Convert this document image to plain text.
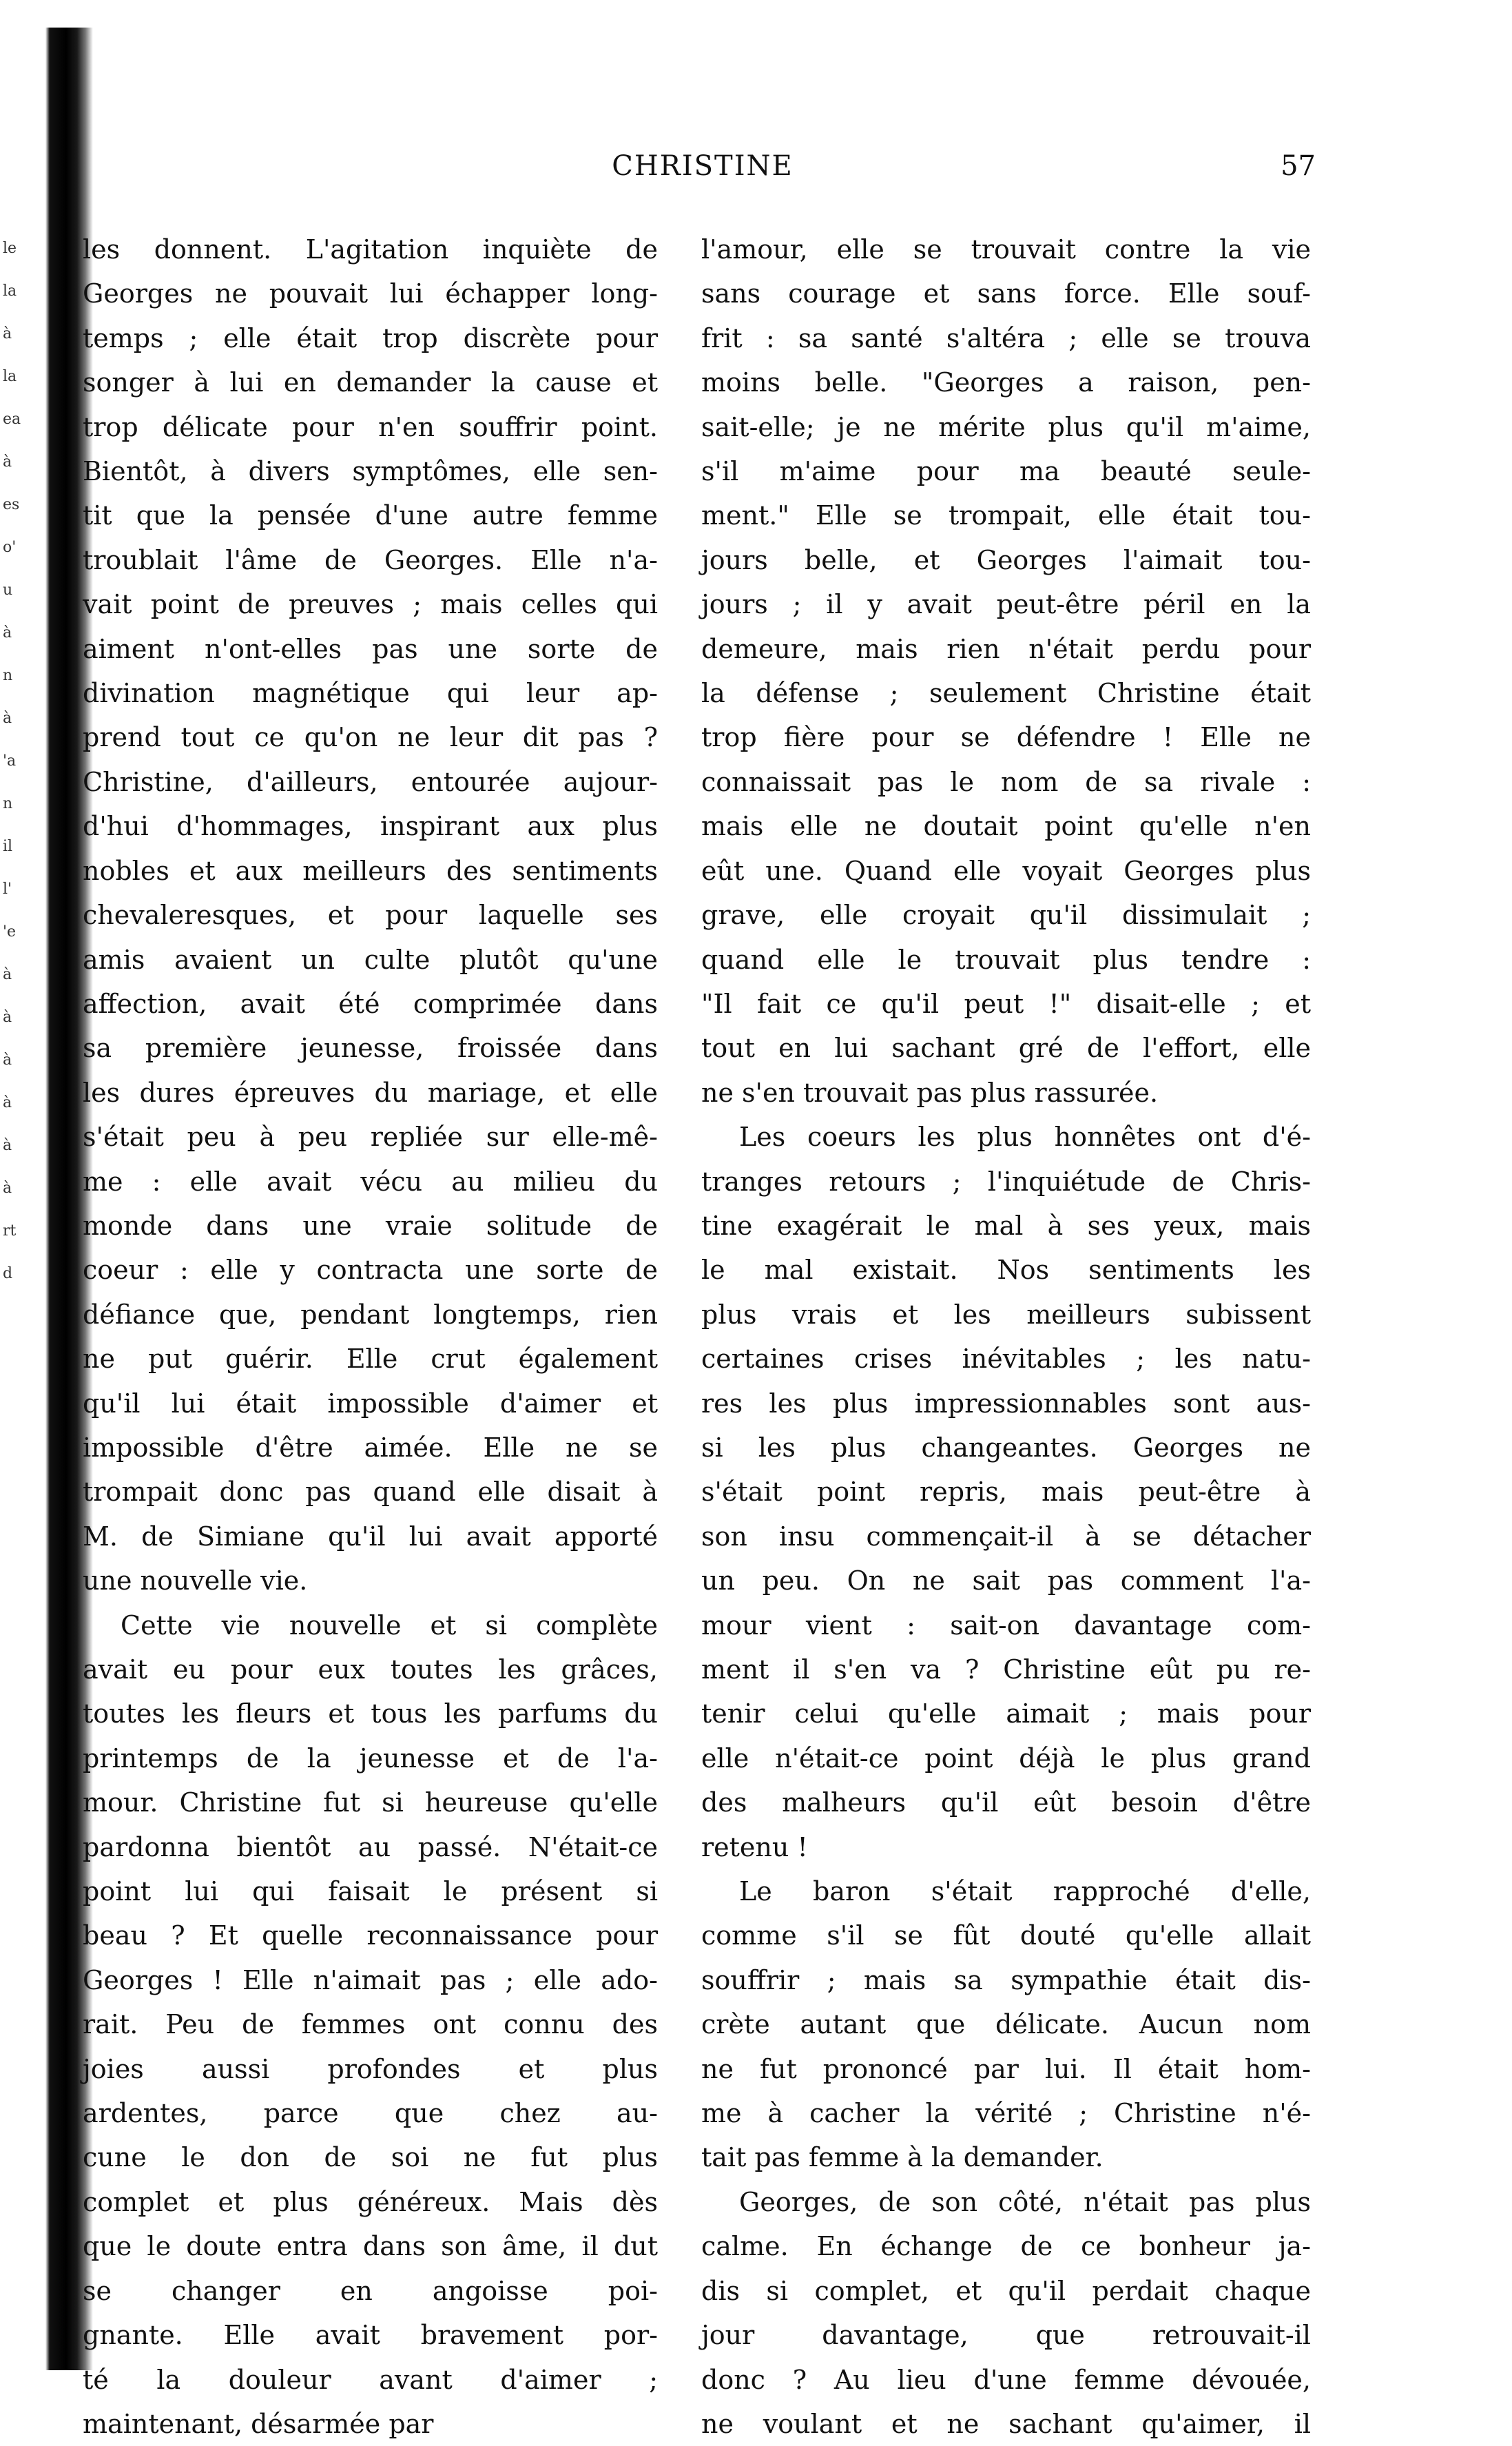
le
la
à
la
ea
à
es
o'
u
à
n
à
'a
n
il
l'
'e
à
à
à
à
à
à
rt
d
CHRISTINE	57
les donnent. L'agitation inquiète de
Georges ne pouvait lui échapper long-
temps ; elle était trop discrète pour
songer à lui en demander la cause et
trop délicate pour n'en souffrir point.
Bientôt, à divers symptômes, elle sen-
tit que la pensée d'une autre femme
troublait l'âme de Georges. Elle n'a-
vait point de preuves ; mais celles qui
aiment n'ont-elles pas une sorte de
divination magnétique qui leur ap-
prend tout ce qu'on ne leur dit pas ?
Christine, d'ailleurs, entourée aujour-
d'hui d'hommages, inspirant aux plus
nobles et aux meilleurs des sentiments
chevaleresques, et pour laquelle ses
amis avaient un culte plutôt qu'une
affection, avait été comprimée dans
sa première jeunesse, froissée dans
les dures épreuves du mariage, et elle
s'était peu à peu repliée sur elle-mê-
me : elle avait vécu au milieu du
monde dans une vraie solitude de
coeur : elle y contracta une sorte de
défiance que, pendant longtemps, rien
ne put guérir. Elle crut également
qu'il lui était impossible d'aimer et
impossible d'être aimée. Elle ne se
trompait donc pas quand elle disait à
M. de Simiane qu'il lui avait apporté
une nouvelle vie.
Cette vie nouvelle et si complète
avait eu pour eux toutes les grâces,
toutes les fleurs et tous les parfums du
printemps de la jeunesse et de l'a-
mour. Christine fut si heureuse qu'elle
pardonna bientôt au passé. N'était-ce
point lui qui faisait le présent si
beau ? Et quelle reconnaissance pour
Georges ! Elle n'aimait pas ; elle ado-
rait. Peu de femmes ont connu des
joies aussi profondes et plus
ardentes, parce que chez au-
cune le don de soi ne fut plus
complet et plus généreux. Mais dès
que le doute entra dans son âme, il dut
se changer en angoisse poi-
gnante. Elle avait bravement por-
té la douleur avant d'aimer ;
maintenant, désarmée par
l'amour, elle se trouvait contre la vie
sans courage et sans force. Elle souf-
frit : sa santé s'altéra ; elle se trouva
moins belle. "Georges a raison, pen-
sait-elle; je ne mérite plus qu'il m'aime,
s'il m'aime pour ma beauté seule-
ment." Elle se trompait, elle était tou-
jours belle, et Georges l'aimait tou-
jours ; il y avait peut-être péril en la
demeure, mais rien n'était perdu pour
la défense ; seulement Christine était
trop fière pour se défendre ! Elle ne
connaissait pas le nom de sa rivale :
mais elle ne doutait point qu'elle n'en
eût une. Quand elle voyait Georges plus
grave, elle croyait qu'il dissimulait ;
quand elle le trouvait plus tendre :
"Il fait ce qu'il peut !" disait-elle ; et
tout en lui sachant gré de l'effort, elle
ne s'en trouvait pas plus rassurée.
Les coeurs les plus honnêtes ont d'é-
tranges retours ; l'inquiétude de Chris-
tine exagérait le mal à ses yeux, mais
le mal existait. Nos sentiments les
plus vrais et les meilleurs subissent
certaines crises inévitables ; les natu-
res les plus impressionnables sont aus-
si les plus changeantes. Georges ne
s'était point repris, mais peut-être à
son insu commençait-il à se détacher
un peu. On ne sait pas comment l'a-
mour vient : sait-on davantage com-
ment il s'en va ? Christine eût pu re-
tenir celui qu'elle aimait ; mais pour
elle n'était-ce point déjà le plus grand
des malheurs qu'il eût besoin d'être
retenu !
Le baron s'était rapproché d'elle,
comme s'il se fût douté qu'elle allait
souffrir ; mais sa sympathie était dis-
crète autant que délicate. Aucun nom
ne fut prononcé par lui. Il était hom-
me à cacher la vérité ; Christine n'é-
tait pas femme à la demander.
Georges, de son côté, n'était pas plus
calme. En échange de ce bonheur ja-
dis si complet, et qu'il perdait chaque
jour davantage, que retrouvait-il
donc ? Au lieu d'une femme dévouée,
ne voulant et ne sachant qu'aimer, il
